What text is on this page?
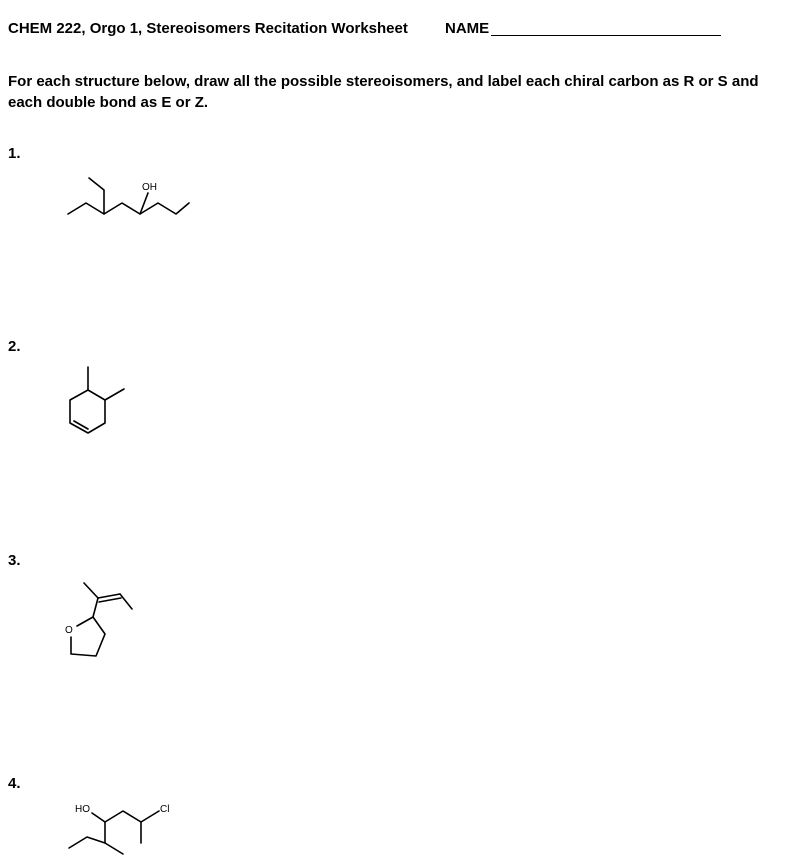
CHEM 222, Orgo 1, Stereoisomers Recitation Worksheet NAME
For each structure below, draw all the possible stereoisomers, and label each chiral carbon as R or S and each double bond as E or Z.
1.
OH
2.
3.
O
4.
HO	Cl
